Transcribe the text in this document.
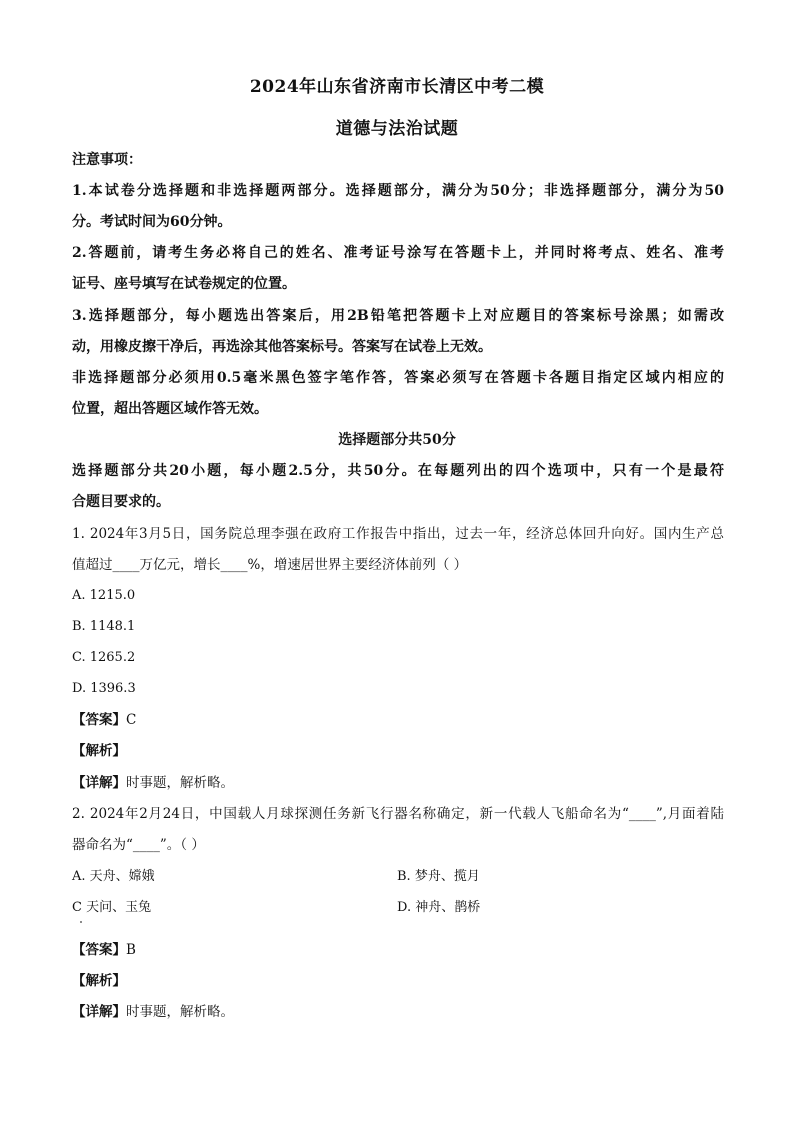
2024年山东省济南市长清区中考二模
道德与法治试题
注意事项：
1.本试卷分选择题和非选择题两部分。选择题部分，满分为50分；非选择题部分，满分为50
分。考试时间为60分钟。
2.答题前，请考生务必将自己的姓名、准考证号涂写在答题卡上，并同时将考点、姓名、准考
证号、座号填写在试卷规定的位置。
3.选择题部分，每小题选出答案后，用2B铅笔把答题卡上对应题目的答案标号涂黑；如需改
动，用橡皮擦干净后，再选涂其他答案标号。答案写在试卷上无效。
非选择题部分必须用0.5毫米黑色签字笔作答，答案必须写在答题卡各题目指定区域内相应的
位置，超出答题区域作答无效。
选择题部分共50分
选择题部分共20小题，每小题2.5分，共50分。在每题列出的四个选项中，只有一个是最符
合题目要求的。
1. 2024年3月5日，国务院总理李强在政府工作报告中指出，过去一年，经济总体回升向好。国内生产总
值超过____万亿元，增长____%，增速居世界主要经济体前列（ ）
A. 1215.0
B. 1148.1
C. 1265.2
D. 1396.3
【答案】C
【解析】
【详解】时事题，解析略。
2. 2024年2月24日，中国载人月球探测任务新飞行器名称确定，新一代载人飞船命名为“____”,月面着陆
器命名为“____”。（ ）
A. 天舟、嫦娥	B. 梦舟、揽月
C 天问、玉兔	D. 神舟、鹊桥
【答案】B
【解析】
【详解】时事题，解析略。
